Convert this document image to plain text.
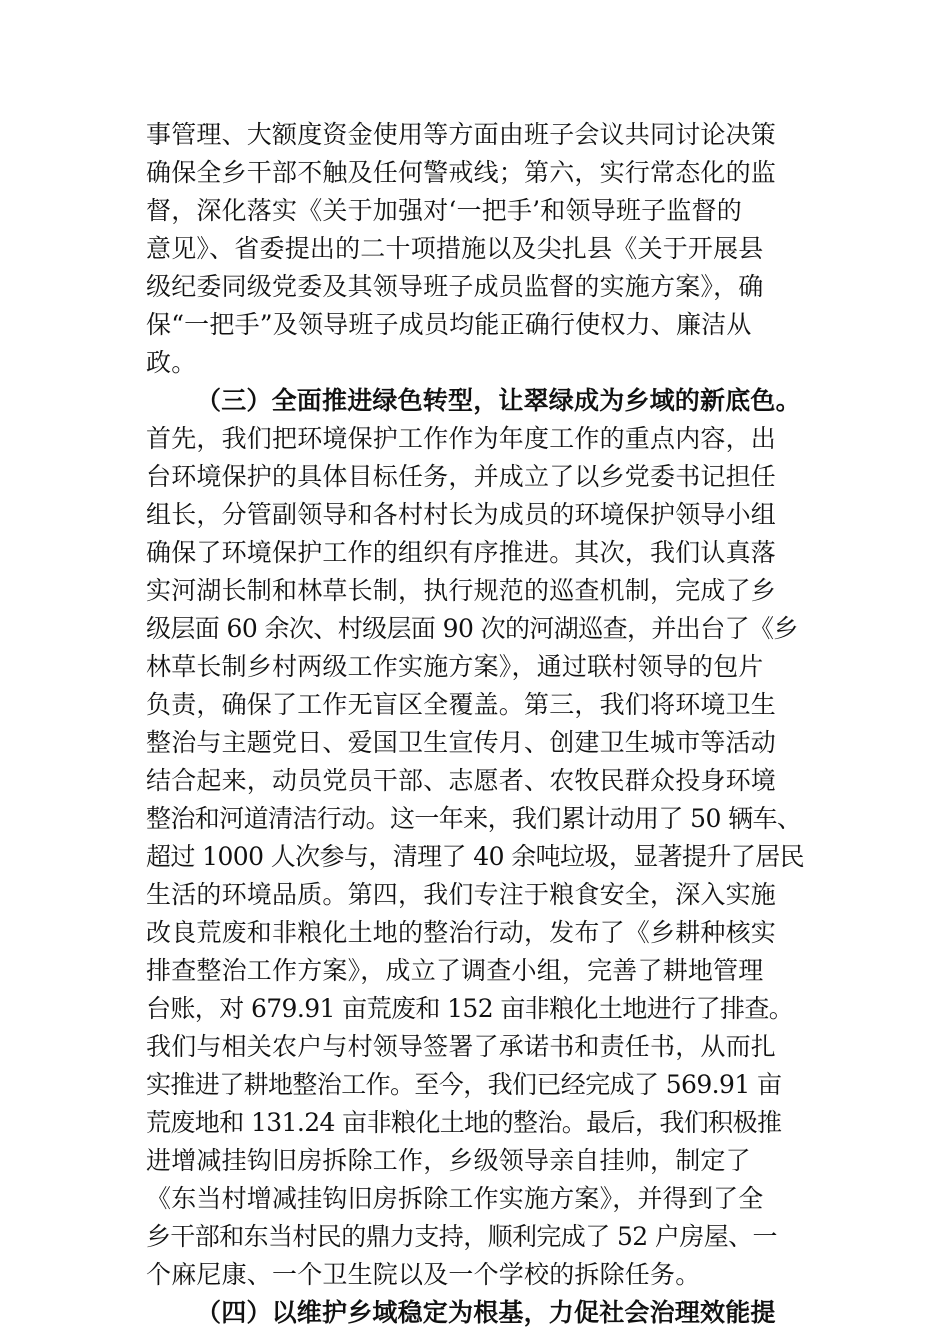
事管理、大额度资金使用等方面由班子会议共同讨论决策
确保全乡干部不触及任何警戒线；第六，实行常态化的监
督，深化落实《关于加强对‘一把手’和领导班子监督的
意见》、省委提出的二十项措施以及尖扎县《关于开展县
级纪委同级党委及其领导班子成员监督的实施方案》，确
保“一把手”及领导班子成员均能正确行使权力、廉洁从
政。
（三）全面推进绿色转型，让翠绿成为乡域的新底色。
首先，我们把环境保护工作作为年度工作的重点内容，出
台环境保护的具体目标任务，并成立了以乡党委书记担任
组长，分管副领导和各村村长为成员的环境保护领导小组
确保了环境保护工作的组织有序推进。其次，我们认真落
实河湖长制和林草长制，执行规范的巡查机制，完成了乡
级层面 60 余次、村级层面 90 次的河湖巡查，并出台了《乡
林草长制乡村两级工作实施方案》，通过联村领导的包片
负责，确保了工作无盲区全覆盖。第三，我们将环境卫生
整治与主题党日、爱国卫生宣传月、创建卫生城市等活动
结合起来，动员党员干部、志愿者、农牧民群众投身环境
整治和河道清洁行动。这一年来，我们累计动用了 50 辆车、
超过 1000 人次参与，清理了 40 余吨垃圾，显著提升了居民
生活的环境品质。第四，我们专注于粮食安全，深入实施
改良荒废和非粮化土地的整治行动，发布了《乡耕种核实
排查整治工作方案》，成立了调查小组，完善了耕地管理
台账，对 679.91 亩荒废和 152 亩非粮化土地进行了排查。
我们与相关农户与村领导签署了承诺书和责任书，从而扎
实推进了耕地整治工作。至今，我们已经完成了 569.91 亩
荒废地和 131.24 亩非粮化土地的整治。最后，我们积极推
进增减挂钩旧房拆除工作，乡级领导亲自挂帅，制定了
《东当村增减挂钩旧房拆除工作实施方案》，并得到了全
乡干部和东当村民的鼎力支持，顺利完成了 52 户房屋、一
个麻尼康、一个卫生院以及一个学校的拆除任务。
（四）以维护乡域稳定为根基，力促社会治理效能提
